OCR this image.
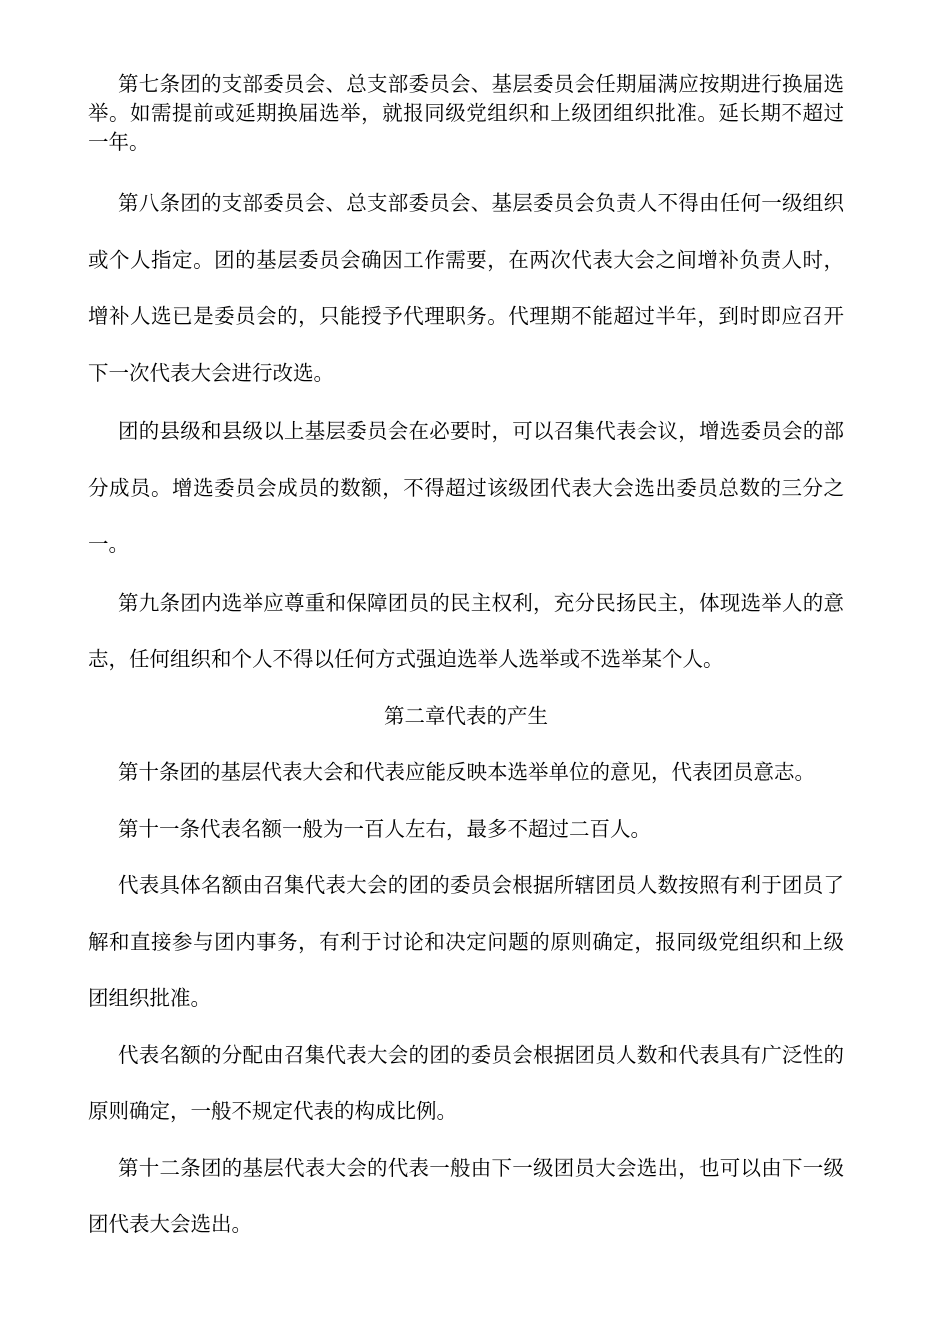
第七条团的支部委员会、总支部委员会、基层委员会任期届满应按期进行换届选举。如需提前或延期换届选举，就报同级党组织和上级团组织批准。延长期不超过一年。

第八条团的支部委员会、总支部委员会、基层委员会负责人不得由任何一级组织或个人指定。团的基层委员会确因工作需要，在两次代表大会之间增补负责人时，增补人选已是委员会的，只能授予代理职务。代理期不能超过半年，到时即应召开下一次代表大会进行改选。

团的县级和县级以上基层委员会在必要时，可以召集代表会议，增选委员会的部分成员。增选委员会成员的数额，不得超过该级团代表大会选出委员总数的三分之一。

第九条团内选举应尊重和保障团员的民主权利，充分民扬民主，体现选举人的意志，任何组织和个人不得以任何方式强迫选举人选举或不选举某个人。

第二章代表的产生

第十条团的基层代表大会和代表应能反映本选举单位的意见，代表团员意志。

第十一条代表名额一般为一百人左右，最多不超过二百人。

代表具体名额由召集代表大会的团的委员会根据所辖团员人数按照有利于团员了解和直接参与团内事务，有利于讨论和决定问题的原则确定，报同级党组织和上级团组织批准。

代表名额的分配由召集代表大会的团的委员会根据团员人数和代表具有广泛性的原则确定，一般不规定代表的构成比例。

第十二条团的基层代表大会的代表一般由下一级团员大会选出，也可以由下一级团代表大会选出。
